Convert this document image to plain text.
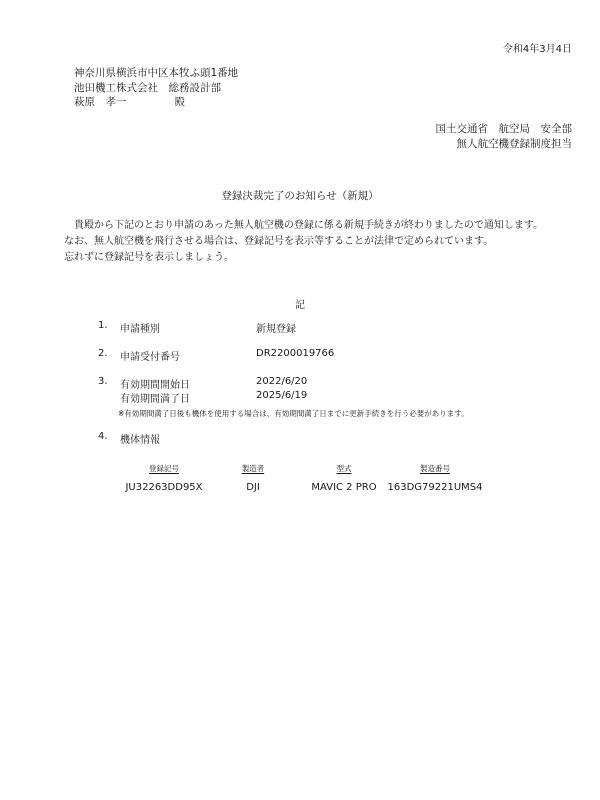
令和4年3月4日
神奈川県横浜市中区本牧ふ頭1番地
池田機工株式会社　総務設計部
萩原　孝一	殿
国土交通省　航空局　安全部
無人航空機登録制度担当
登録決裁完了のお知らせ（新規）
貴殿から下記のとおり申請のあった無人航空機の登録に係る新規手続きが終わりましたので通知します。
なお、無人航空機を飛行させる場合は、登録記号を表示等することが法律で定められています。
忘れずに登録記号を表示しましょう。
記
1. 申請種別	新規登録
2. 申請受付番号	DR2200019766
3. 有効期間開始日	2022/6/20
有効期間満了日	2025/6/19
※有効期間満了日後も機体を使用する場合は、有効期間満了日までに更新手続きを行う必要があります。
4. 機体情報
登録記号	製造者	型式	製造番号
JU32263DD95X	DJI	MAVIC 2 PRO	163DG79221UMS4
